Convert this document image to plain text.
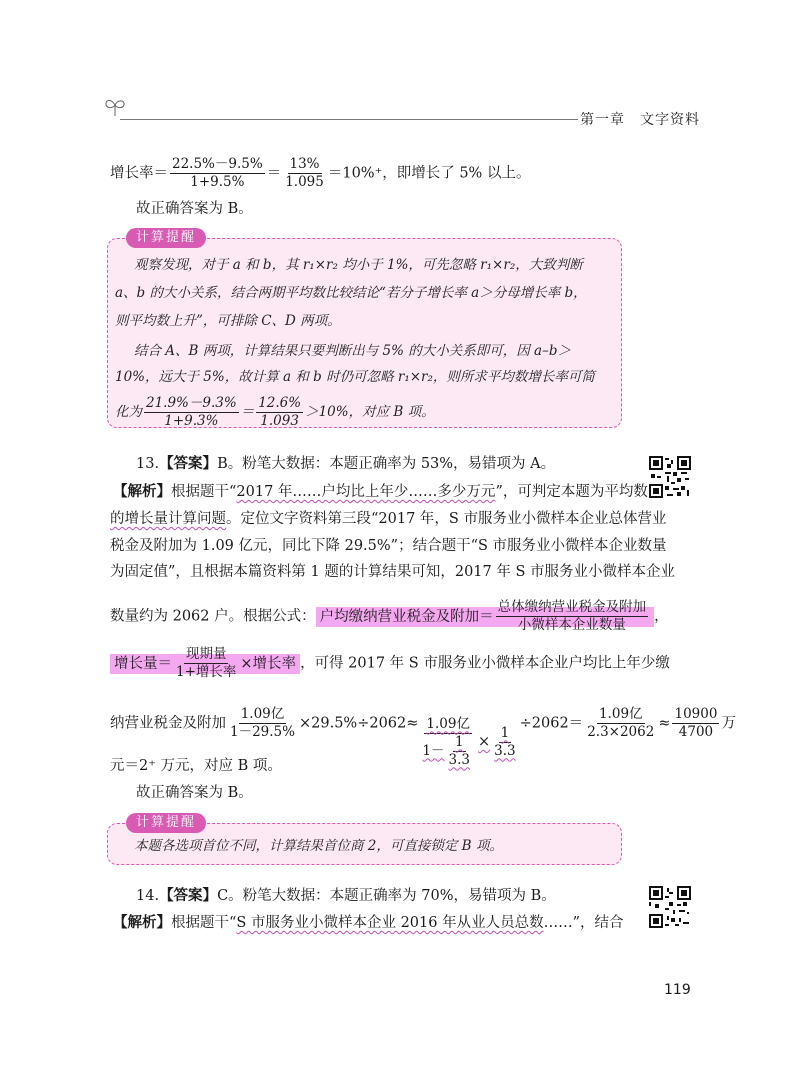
第一章　文字资料
增长率＝ $\frac{22.5\%-9.5\%}{1+9.5\%} = \frac{13\%}{1.095} =10\%^+$，即增长了 5% 以上。
故正确答案为 B。
计算提醒
观察发现，对于 a 和 b，其 r₁×r₂ 均小于 1%，可先忽略 r₁×r₂，大致判断
a、b 的大小关系，结合两期平均数比较结论“若分子增长率 a＞分母增长率 b，
则平均数上升”，可排除 C、D 两项。
结合 A、B 两项，计算结果只要判断出与 5% 的大小关系即可，因 a–b＞
10%，远大于 5%，故计算 a 和 b 时仍可忽略 r₁×r₂，则所求平均数增长率可简
化为 $\frac{21.9\%-9.3\%}{1+9.3\%} = \frac{12.6\%}{1.093} >10\%$，对应 B 项。
13.【答案】B。粉笔大数据：本题正确率为 53%，易错项为 A。
【解析】根据题干“2017 年……户均比上年少……多少万元”，可判定本题为平均数
的增长量计算问题。定位文字资料第三段“2017 年，S 市服务业小微样本企业总体营业
税金及附加为 1.09 亿元，同比下降 29.5%”；结合题干“S 市服务业小微样本企业数量
为固定值”，且根据本篇资料第 1 题的计算结果可知，2017 年 S 市服务业小微样本企业
数量约为 2062 户。根据公式： 户均缴纳营业税金及附加＝ $\frac{\text{总体缴纳营业税金及附加}}{\text{小微样本企业数量}}$ ，
增长量＝ $\frac{\text{现期量}}{\text{1+增长率}}$ ×增长率 ，可得 2017 年 S 市服务业小微样本企业户均比上年少缴
纳营业税金及附加 $\frac{\text{1.09亿}}{1-29.5\%} \times 29.5\%\div 2062\approx \frac{\text{1.09亿}}{1- \frac{1}{3.3}} \times \frac{1}{3.3}$
$\div 2062= \frac{\text{1.09亿}}{2.3\times 2062} \approx \frac{10900}{4700}$ 万
元＝2⁺ 万元，对应 B 项。
故正确答案为 B。
计算提醒
本题各选项首位不同，计算结果首位商 2，可直接锁定 B 项。
14.【答案】C。粉笔大数据：本题正确率为 70%，易错项为 B。
【解析】根据题干“S 市服务业小微样本企业 2016 年从业人员总数……”，结合
119
